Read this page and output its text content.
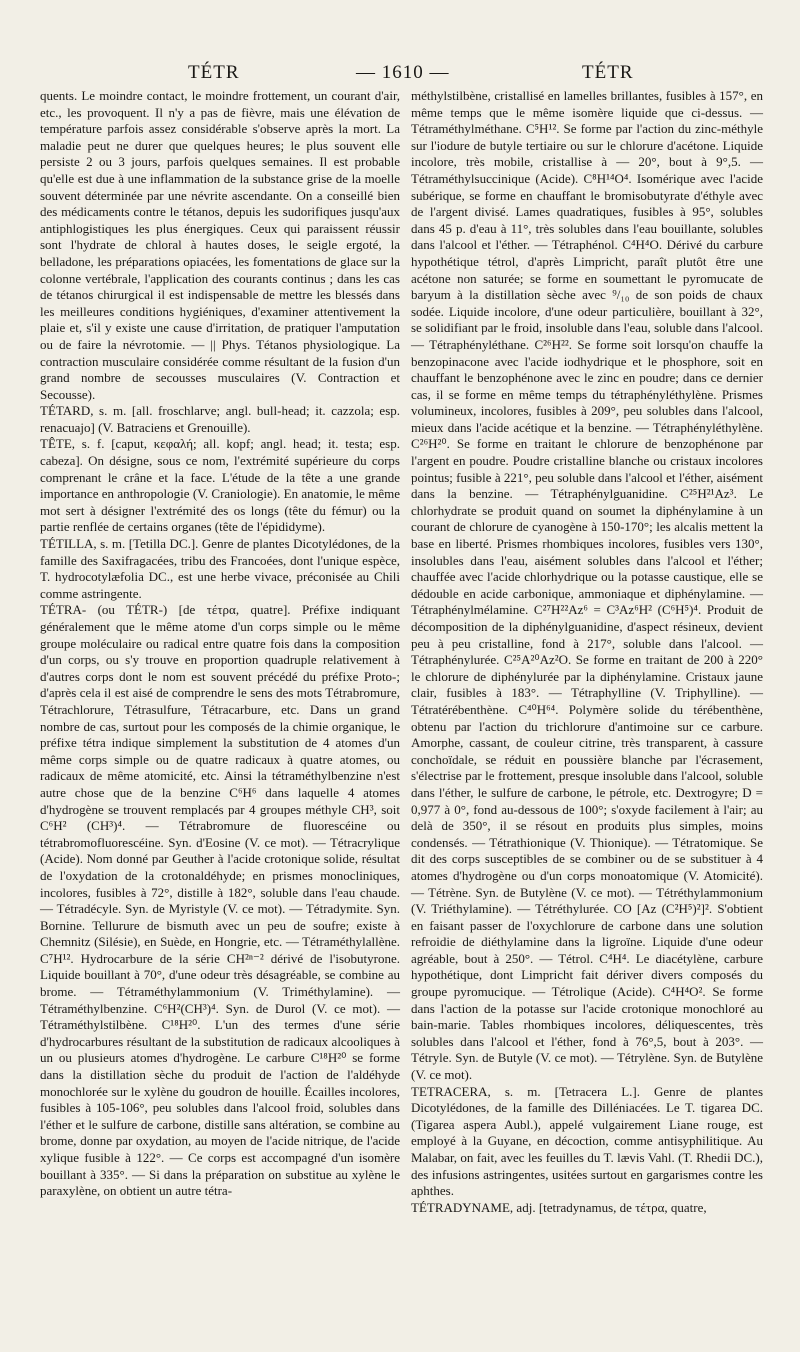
TÉTR	— 1610 —	TÉTR

quents. Le moindre contact, le moindre frottement, un courant d'air, etc., les provoquent. Il n'y a pas de fièvre, mais une élévation de température parfois assez considérable s'observe après la mort. La maladie peut ne durer que quelques heures; le plus souvent elle persiste 2 ou 3 jours, parfois quelques semaines. Il est probable qu'elle est due à une inflammation de la substance grise de la moelle souvent déterminée par une névrite ascendante. On a conseillé bien des médicaments contre le tétanos, depuis les sudorifiques jusqu'aux antiphlogistiques les plus énergiques. Ceux qui paraissent réussir sont l'hydrate de chloral à hautes doses, le seigle ergoté, la belladone, les préparations opiacées, les fomentations de glace sur la colonne vertébrale, l'application des courants continus ; dans les cas de tétanos chirurgical il est indispensable de mettre les blessés dans les meilleures conditions hygiéniques, d'examiner attentivement la plaie et, s'il y existe une cause d'irritation, de pratiquer l'amputation ou de faire la névrotomie. — || Phys. Tétanos physiologique. La contraction musculaire considérée comme résultant de la fusion d'un grand nombre de secousses musculaires (V. Contraction et Secousse).

TÉTARD, s. m. [all. froschlarve; angl. bull-head; it. cazzola; esp. renacuajo] (V. Batraciens et Grenouille).

TÊTE, s. f. [caput, κεφαλή; all. kopf; angl. head; it. testa; esp. cabeza]. On désigne, sous ce nom, l'extrémité supérieure du corps comprenant le crâne et la face. L'étude de la tête a une grande importance en anthropologie (V. Craniologie). En anatomie, le même mot sert à désigner l'extrémité des os longs (tête du fémur) ou la partie renflée de certains organes (tête de l'épididyme).

TÉTILLA, s. m. [Tetilla DC.]. Genre de plantes Dicotylédones, de la famille des Saxifragacées, tribu des Francoées, dont l'unique espèce, T. hydrocotylæfolia DC., est une herbe vivace, préconisée au Chili comme astringente.

TÉTRA- (ou TÉTR-) [de τέτρα, quatre]. Préfixe indiquant généralement que le même atome d'un corps simple ou le même groupe moléculaire ou radical entre quatre fois dans la composition d'un corps, ou s'y trouve en proportion quadruple relativement à d'autres corps dont le nom est souvent précédé du préfixe Proto-; d'après cela il est aisé de comprendre le sens des mots Tétrabromure, Tétrachlorure, Tétrasulfure, Tétracarbure, etc. Dans un grand nombre de cas, surtout pour les composés de la chimie organique, le préfixe tétra indique simplement la substitution de 4 atomes d'un même corps simple ou de quatre radicaux à quatre atomes, ou radicaux de même atomicité, etc. Ainsi la tétraméthylbenzine n'est autre chose que de la benzine C⁶H⁶ dans laquelle 4 atomes d'hydrogène se trouvent remplacés par 4 groupes méthyle CH³, soit C⁶H² (CH³)⁴. — Tétrabromure de fluorescéine ou tétrabromofluorescéine. Syn. d'Eosine (V. ce mot). — Tétracrylique (Acide). Nom donné par Geuther à l'acide crotonique solide, résultat de l'oxydation de la crotonaldéhyde; en prismes monocliniques, incolores, fusibles à 72°, distille à 182°, soluble dans l'eau chaude. — Tétradécyle. Syn. de Myristyle (V. ce mot). — Tétradymite. Syn. Bornine. Tellurure de bismuth avec un peu de soufre; existe à Chemnitz (Silésie), en Suède, en Hongrie, etc. — Tétraméthylallène. C⁷H¹². Hydrocarbure de la série CH²ⁿ⁻² dérivé de l'isobutyrone. Liquide bouillant à 70°, d'une odeur très désagréable, se combine au brome. — Tétraméthylammonium (V. Triméthylamine). — Tétraméthylbenzine. C⁶H²(CH³)⁴. Syn. de Durol (V. ce mot). — Tétraméthylstilbène. C¹⁸H²⁰. L'un des termes d'une série d'hydrocarbures résultant de la substitution de radicaux alcooliques à un ou plusieurs atomes d'hydrogène. Le carbure C¹⁸H²⁰ se forme dans la distillation sèche du produit de l'action de l'aldéhyde monochlorée sur le xylène du goudron de houille. Écailles incolores, fusibles à 105-106°, peu solubles dans l'alcool froid, solubles dans l'éther et le sulfure de carbone, distille sans altération, se combine au brome, donne par oxydation, au moyen de l'acide nitrique, de l'acide xylique fusible à 122°. — Ce corps est accompagné d'un isomère bouillant à 335°. — Si dans la préparation on substitue au xylène le paraxylène, on obtient un autre tétra-

méthylstilbène, cristallisé en lamelles brillantes, fusibles à 157°, en même temps que le même isomère liquide que ci-dessus. — Tétraméthylméthane. C⁵H¹². Se forme par l'action du zinc-méthyle sur l'iodure de butyle tertiaire ou sur le chlorure d'acétone. Liquide incolore, très mobile, cristallise à — 20°, bout à 9°,5. — Tétraméthylsuccinique (Acide). C⁸H¹⁴O⁴. Isomérique avec l'acide subérique, se forme en chauffant le bromisobutyrate d'éthyle avec de l'argent divisé. Lames quadratiques, fusibles à 95°, solubles dans 45 p. d'eau à 11°, très solubles dans l'eau bouillante, solubles dans l'alcool et l'éther. — Tétraphénol. C⁴H⁴O. Dérivé du carbure hypothétique tétrol, d'après Limpricht, paraît plutôt être une acétone non saturée; se forme en soumettant le pyromucate de baryum à la distillation sèche avec ⁹/₁₀ de son poids de chaux sodée. Liquide incolore, d'une odeur particulière, bouillant à 32°, se solidifiant par le froid, insoluble dans l'eau, soluble dans l'alcool. — Tétraphényléthane. C²⁶H²². Se forme soit lorsqu'on chauffe la benzopinacone avec l'acide iodhydrique et le phosphore, soit en chauffant le benzophénone avec le zinc en poudre; dans ce dernier cas, il se forme en même temps du tétraphényléthylène. Prismes volumineux, incolores, fusibles à 209°, peu solubles dans l'alcool, mieux dans l'acide acétique et la benzine. — Tétraphényléthylène. C²⁶H²⁰. Se forme en traitant le chlorure de benzophénone par l'argent en poudre. Poudre cristalline blanche ou cristaux incolores pointus; fusible à 221°, peu soluble dans l'alcool et l'éther, aisément dans la benzine. — Tétraphénylguanidine. C²⁵H²¹Az³. Le chlorhydrate se produit quand on soumet la diphénylamine à un courant de chlorure de cyanogène à 150-170°; les alcalis mettent la base en liberté. Prismes rhombiques incolores, fusibles vers 130°, insolubles dans l'eau, aisément solubles dans l'alcool et l'éther; chauffée avec l'acide chlorhydrique ou la potasse caustique, elle se dédouble en acide carbonique, ammoniaque et diphénylamine. — Tétraphénylmélamine. C²⁷H²²Az⁶ = C³Az⁶H² (C⁶H⁵)⁴. Produit de décomposition de la diphénylguanidine, d'aspect résineux, devient peu à peu cristalline, fond à 217°, soluble dans l'alcool. — Tétraphénylurée. C²⁵A²⁰Az²O. Se forme en traitant de 200 à 220° le chlorure de diphénylurée par la diphénylamine. Cristaux jaune clair, fusibles à 183°. — Tétraphylline (V. Triphylline). — Tétratérébenthène. C⁴⁰H⁶⁴. Polymère solide du térébenthène, obtenu par l'action du trichlorure d'antimoine sur ce carbure. Amorphe, cassant, de couleur citrine, très transparent, à cassure conchoïdale, se réduit en poussière blanche par l'écrasement, s'électrise par le frottement, presque insoluble dans l'alcool, soluble dans l'éther, le sulfure de carbone, le pétrole, etc. Dextrogyre; D = 0,977 à 0°, fond au-dessous de 100°; s'oxyde facilement à l'air; au delà de 350°, il se résout en produits plus simples, moins condensés. — Tétrathionique (V. Thionique). — Tétratomique. Se dit des corps susceptibles de se combiner ou de se substituer à 4 atomes d'hydrogène ou d'un corps monoatomique (V. Atomicité). — Tétrène. Syn. de Butylène (V. ce mot). — Tétréthylammonium (V. Triéthylamine). — Tétréthylurée. CO [Az (C²H⁵)²]². S'obtient en faisant passer de l'oxychlorure de carbone dans une solution refroidie de diéthylamine dans la ligroïne. Liquide d'une odeur agréable, bout à 250°. — Tétrol. C⁴H⁴. Le diacétylène, carbure hypothétique, dont Limpricht fait dériver divers composés du groupe pyromucique. — Tétrolique (Acide). C⁴H⁴O². Se forme dans l'action de la potasse sur l'acide crotonique monochloré au bain-marie. Tables rhombiques incolores, déliquescentes, très solubles dans l'alcool et l'éther, fond à 76°,5, bout à 203°. — Tétryle. Syn. de Butyle (V. ce mot). — Tétrylène. Syn. de Butylène (V. ce mot).

TETRACERA, s. m. [Tetracera L.]. Genre de plantes Dicotylédones, de la famille des Dilléniacées. Le T. tigarea DC. (Tigarea aspera Aubl.), appelé vulgairement Liane rouge, est employé à la Guyane, en décoction, comme antisyphilitique. Au Malabar, on fait, avec les feuilles du T. lævis Vahl. (T. Rhedii DC.), des infusions astringentes, usitées surtout en gargarismes contre les aphthes.

TÉTRADYNAME, adj. [tetradynamus, de τέτρα, quatre,
